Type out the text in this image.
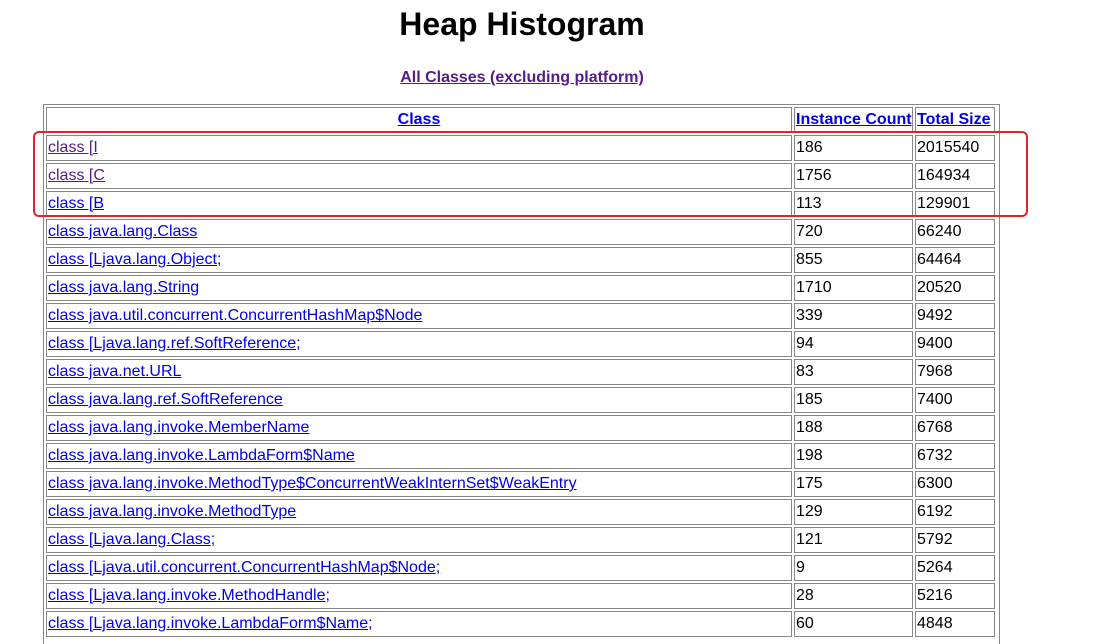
Heap Histogram
All Classes (excluding platform)
Class	Instance Count	Total Size
class [I	186	2015540
class [C	1756	164934
class [B	113	129901
class java.lang.Class	720	66240
class [Ljava.lang.Object;	855	64464
class java.lang.String	1710	20520
class java.util.concurrent.ConcurrentHashMap$Node	339	9492
class [Ljava.lang.ref.SoftReference;	94	9400
class java.net.URL	83	7968
class java.lang.ref.SoftReference	185	7400
class java.lang.invoke.MemberName	188	6768
class java.lang.invoke.LambdaForm$Name	198	6732
class java.lang.invoke.MethodType$ConcurrentWeakInternSet$WeakEntry	175	6300
class java.lang.invoke.MethodType	129	6192
class [Ljava.lang.Class;	121	5792
class [Ljava.util.concurrent.ConcurrentHashMap$Node;	9	5264
class [Ljava.lang.invoke.MethodHandle;	28	5216
class [Ljava.lang.invoke.LambdaForm$Name;	60	4848
